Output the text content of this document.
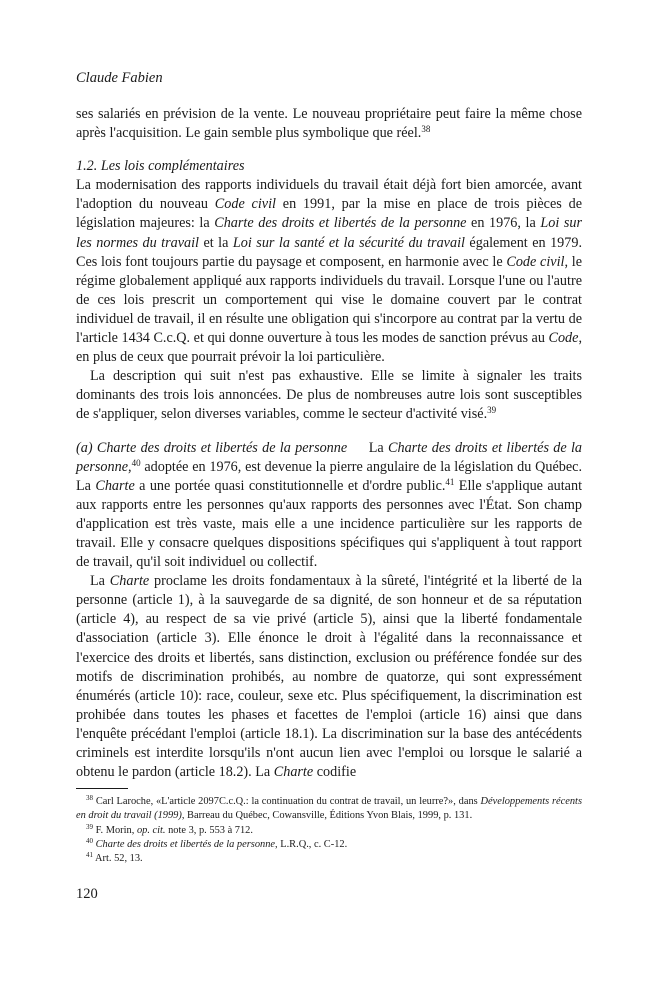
Claude Fabien

ses salariés en prévision de la vente. Le nouveau propriétaire peut faire la même chose après l'acquisition. Le gain semble plus symbolique que réel.$^{38}$

1.2. Les lois complémentaires

La modernisation des rapports individuels du travail était déjà fort bien amorcée, avant l'adoption du nouveau Code civil en 1991, par la mise en place de trois pièces de législation majeures: la Charte des droits et libertés de la personne en 1976, la Loi sur les normes du travail et la Loi sur la santé et la sécurité du travail également en 1979. Ces lois font toujours partie du paysage et composent, en harmonie avec le Code civil, le régime globalement appliqué aux rapports individuels du travail. Lorsque l'une ou l'autre de ces lois prescrit un comportement qui vise le domaine couvert par le contrat individuel de travail, il en résulte une obligation qui s'incorpore au contrat par la vertu de l'article 1434 C.c.Q. et qui donne ouverture à tous les modes de sanction prévus au Code, en plus de ceux que pourrait prévoir la loi particulière.

La description qui suit n'est pas exhaustive. Elle se limite à signaler les traits dominants des trois lois annoncées. De plus de nombreuses autre lois sont susceptibles de s'appliquer, selon diverses variables, comme le secteur d'activité visé.$^{39}$

(a) Charte des droits et libertés de la personne La Charte des droits et libertés de la personne,$^{40}$ adoptée en 1976, est devenue la pierre angulaire de la législation du Québec. La Charte a une portée quasi constitutionnelle et d'ordre public.$^{41}$ Elle s'applique autant aux rapports entre les personnes qu'aux rapports des personnes avec l'État. Son champ d'application est très vaste, mais elle a une incidence particulière sur les rapports de travail. Elle y consacre quelques dispositions spécifiques qui s'appliquent à tout rapport de travail, qu'il soit individuel ou collectif.

La Charte proclame les droits fondamentaux à la sûreté, l'intégrité et la liberté de la personne (article 1), à la sauvegarde de sa dignité, de son honneur et de sa réputation (article 4), au respect de sa vie privé (article 5), ainsi que la liberté fondamentale d'association (article 3). Elle énonce le droit à l'égalité dans la reconnaissance et l'exercice des droits et libertés, sans distinction, exclusion ou préférence fondée sur des motifs de discrimination prohibés, au nombre de quatorze, qui sont expressément énumérés (article 10): race, couleur, sexe etc. Plus spécifiquement, la discrimination est prohibée dans toutes les phases et facettes de l'emploi (article 16) ainsi que dans l'enquête précédant l'emploi (article 18.1). La discrimination sur la base des antécédents criminels est interdite lorsqu'ils n'ont aucun lien avec l'emploi ou lorsque le salarié a obtenu le pardon (article 18.2). La Charte codifie

$^{38}$ Carl Laroche, «L'article 2097C.c.Q.: la continuation du contrat de travail, un leurre?», dans Développements récents en droit du travail (1999), Barreau du Québec, Cowansville, Éditions Yvon Blais, 1999, p. 131.
$^{39}$ F. Morin, op. cit. note 3, p. 553 à 712.
$^{40}$ Charte des droits et libertés de la personne, L.R.Q., c. C-12.
$^{41}$ Art. 52, 13.
120
